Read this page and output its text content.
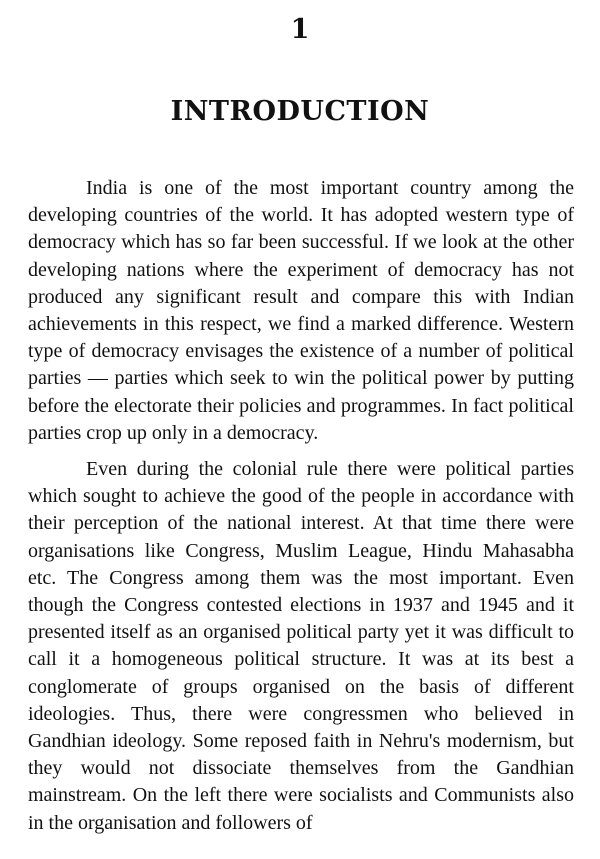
1
INTRODUCTION

India is one of the most important country among the developing countries of the world. It has adopted western type of democracy which has so far been successful. If we look at the other developing nations where the experiment of democracy has not produced any significant result and compare this with Indian achievements in this respect, we find a marked difference. Western type of democracy envisages the existence of a number of political parties — parties which seek to win the political power by putting before the electorate their policies and programmes. In fact political parties crop up only in a democracy.

Even during the colonial rule there were political parties which sought to achieve the good of the people in accordance with their perception of the national interest. At that time there were organisations like Congress, Muslim League, Hindu Mahasabha etc. The Congress among them was the most important. Even though the Congress contested elections in 1937 and 1945 and it presented itself as an organised political party yet it was difficult to call it a homogeneous political structure. It was at its best a conglomerate of groups organised on the basis of different ideologies. Thus, there were congressmen who believed in Gandhian ideology. Some reposed faith in Nehru's modernism, but they would not dissociate themselves from the Gandhian mainstream. On the left there were socialists and Communists also in the organisation and followers of
